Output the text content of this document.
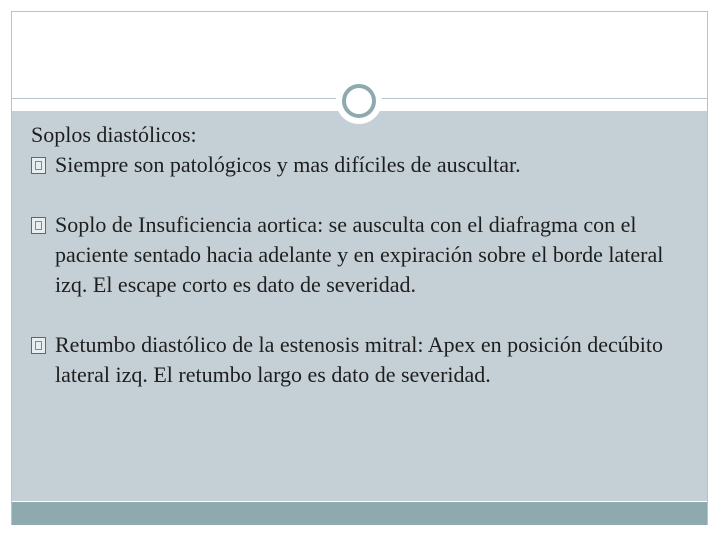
Soplos diastólicos:

Siempre son patológicos y mas difíciles de auscultar.

Soplo de Insuficiencia aortica: se ausculta con el diafragma con el paciente sentado hacia adelante y en expiración sobre el borde lateral izq. El escape corto es dato de severidad.

Retumbo diastólico de la estenosis mitral: Apex en posición decúbito lateral izq. El retumbo largo es dato de severidad.
